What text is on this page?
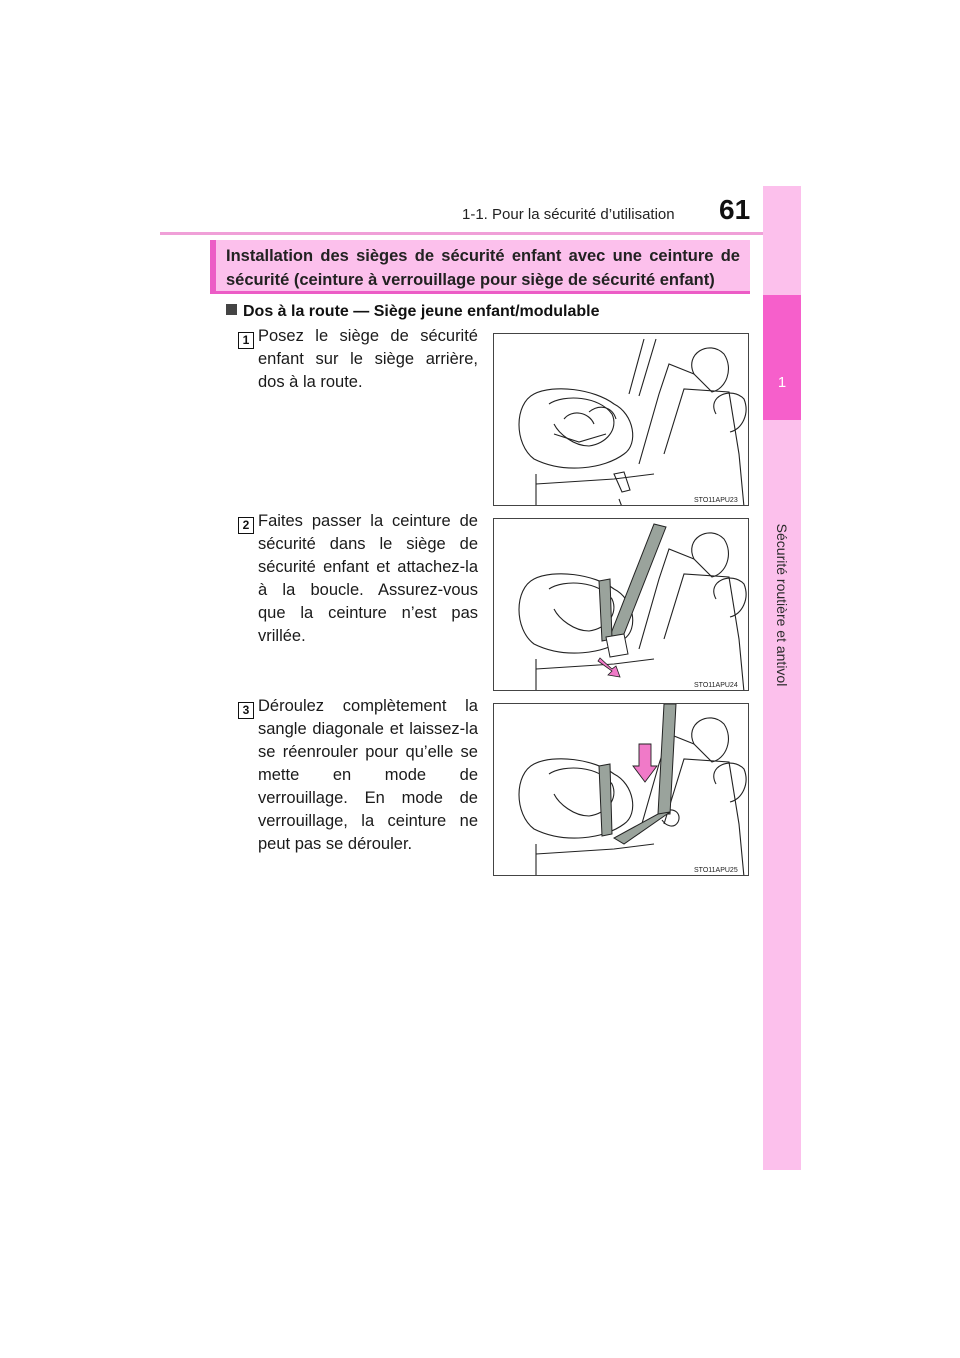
1-1. Pour la sécurité d’utilisation 61
1
Sécurité routière et antivol
Installation des sièges de sécurité enfant avec une ceinture de sécurité (ceinture à verrouillage pour siège de sécurité enfant)
Dos à la route — Siège jeune enfant/modulable
1 Posez le siège de sécurité enfant sur le siège arrière, dos à la route.
STO11APU23
2 Faites passer la ceinture de sécurité dans le siège de sécurité enfant et attachez-la à la boucle. Assurez-vous que la ceinture n’est pas vrillée.
STO11APU24
3 Déroulez complètement la sangle diagonale et laissez-la se réenrouler pour qu’elle se mette en mode de verrouillage. En mode de verrouillage, la ceinture ne peut pas se dérouler.
STO11APU25
